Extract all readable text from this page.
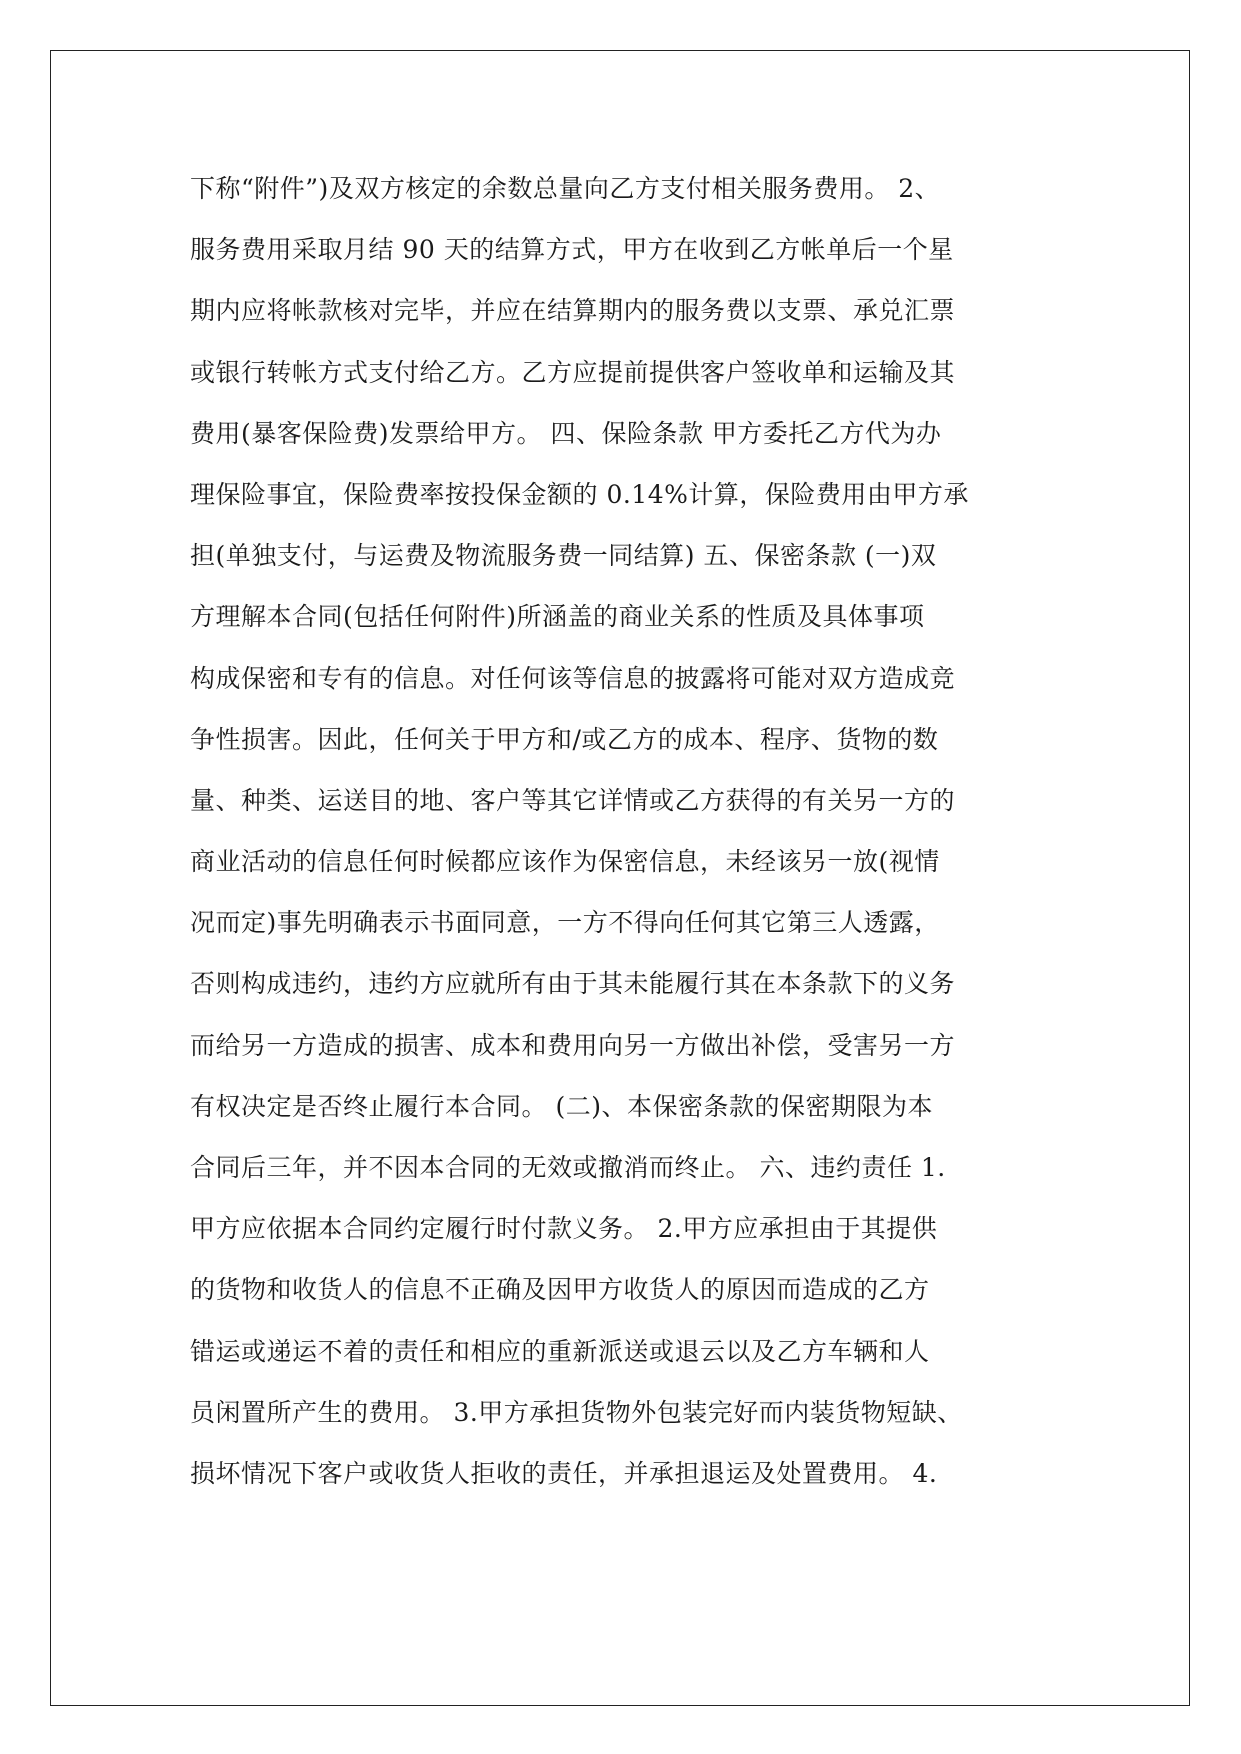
下称“附件”)及双方核定的余数总量向乙方支付相关服务费用。 2、
服务费用采取月结 90 天的结算方式，甲方在收到乙方帐单后一个星
期内应将帐款核对完毕，并应在结算期内的服务费以支票、承兑汇票
或银行转帐方式支付给乙方。乙方应提前提供客户签收单和运输及其
费用(暴客保险费)发票给甲方。 四、保险条款 甲方委托乙方代为办
理保险事宜，保险费率按投保金额的 0.14%计算，保险费用由甲方承
担(单独支付，与运费及物流服务费一同结算) 五、保密条款 (一)双
方理解本合同(包括任何附件)所涵盖的商业关系的性质及具体事项
构成保密和专有的信息。对任何该等信息的披露将可能对双方造成竞
争性损害。因此，任何关于甲方和/或乙方的成本、程序、货物的数
量、种类、运送目的地、客户等其它详情或乙方获得的有关另一方的
商业活动的信息任何时候都应该作为保密信息，未经该另一放(视情
况而定)事先明确表示书面同意，一方不得向任何其它第三人透露，
否则构成违约，违约方应就所有由于其未能履行其在本条款下的义务
而给另一方造成的损害、成本和费用向另一方做出补偿，受害另一方
有权决定是否终止履行本合同。 (二)、本保密条款的保密期限为本
合同后三年，并不因本合同的无效或撤消而终止。 六、违约责任 1.
甲方应依据本合同约定履行时付款义务。 2.甲方应承担由于其提供
的货物和收货人的信息不正确及因甲方收货人的原因而造成的乙方
错运或递运不着的责任和相应的重新派送或退云以及乙方车辆和人
员闲置所产生的费用。 3.甲方承担货物外包装完好而内装货物短缺、
损坏情况下客户或收货人拒收的责任，并承担退运及处置费用。 4.
